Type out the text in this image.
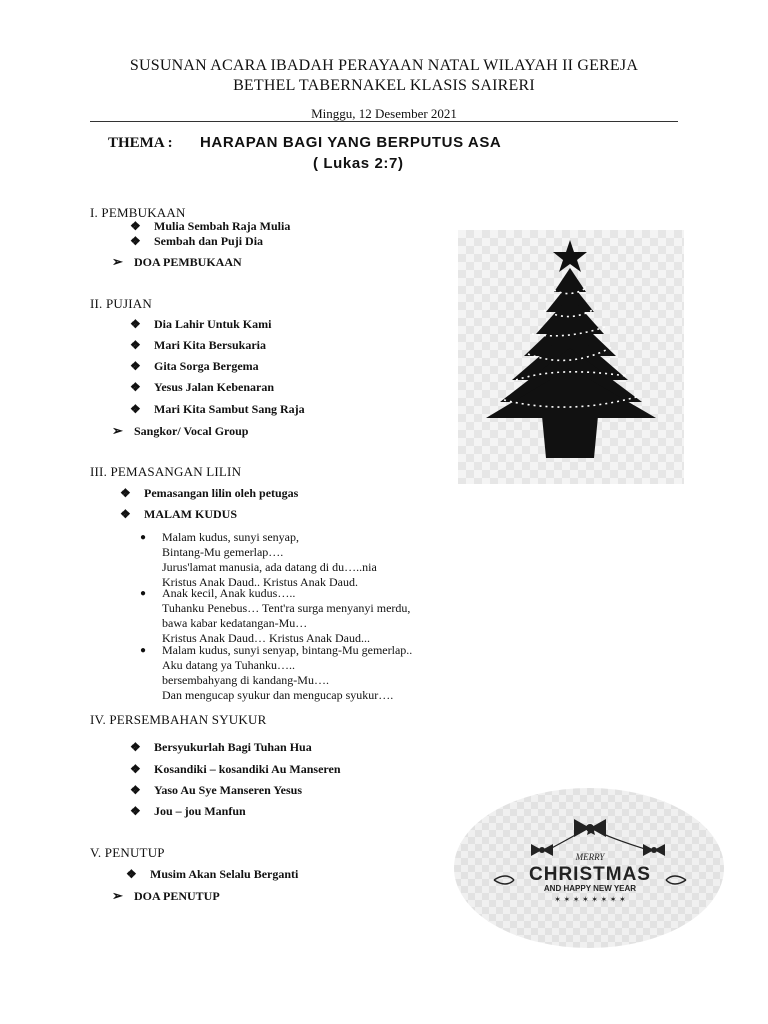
SUSUNAN ACARA IBADAH PERAYAAN NATAL WILAYAH II GEREJA
BETHEL TABERNAKEL KLASIS SAIRERI
Minggu, 12 Desember 2021
THEMA : HARAPAN BAGI YANG BERPUTUS ASA
( Lukas 2:7)
I. PEMBUKAAN
❖ Mulia Sembah Raja Mulia
❖ Sembah dan Puji Dia
➢ DOA PEMBUKAAN
II. PUJIAN
❖ Dia Lahir Untuk Kami
❖ Mari Kita Bersukaria
❖ Gita Sorga Bergema
❖ Yesus Jalan Kebenaran
❖ Mari Kita Sambut Sang Raja
➢ Sangkor/ Vocal Group
III. PEMASANGAN LILIN
❖ Pemasangan lilin oleh petugas
❖ MALAM KUDUS
● Malam kudus, sunyi senyap,
Bintang-Mu gemerlap….
Jurus'lamat manusia, ada datang di du…..nia
Kristus Anak Daud.. Kristus Anak Daud.
● Anak kecil, Anak kudus…..
Tuhanku Penebus… Tent'ra surga menyanyi merdu,
bawa kabar kedatangan-Mu…
Kristus Anak Daud… Kristus Anak Daud...
● Malam kudus, sunyi senyap, bintang-Mu gemerlap..
Aku datang ya Tuhanku…..
bersembahyang di kandang-Mu….
Dan mengucap syukur dan mengucap syukur….
IV. PERSEMBAHAN SYUKUR
❖ Bersyukurlah Bagi Tuhan Hua
❖ Kosandiki – kosandiki Au Manseren
❖ Yaso Au Sye Manseren Yesus
❖ Jou – jou Manfun
V. PENUTUP
❖ Musim Akan Selalu Berganti
➢ DOA PENUTUP
MERRY
CHRISTMAS
AND HAPPY NEW YEAR
✶ ✶ ✶ ✶ ✶ ✶ ✶ ✶
